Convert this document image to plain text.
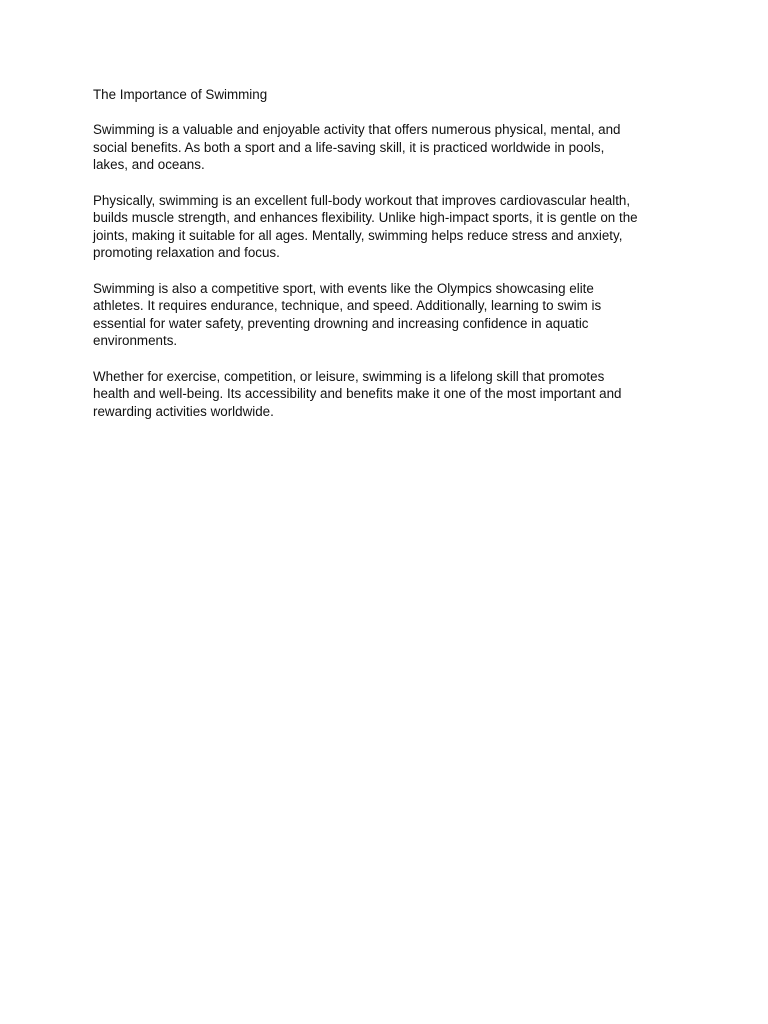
The Importance of Swimming
Swimming is a valuable and enjoyable activity that offers numerous physical, mental, and
social benefits. As both a sport and a life-saving skill, it is practiced worldwide in pools,
lakes, and oceans.
Physically, swimming is an excellent full-body workout that improves cardiovascular health,
builds muscle strength, and enhances flexibility. Unlike high-impact sports, it is gentle on the
joints, making it suitable for all ages. Mentally, swimming helps reduce stress and anxiety,
promoting relaxation and focus.
Swimming is also a competitive sport, with events like the Olympics showcasing elite
athletes. It requires endurance, technique, and speed. Additionally, learning to swim is
essential for water safety, preventing drowning and increasing confidence in aquatic
environments.
Whether for exercise, competition, or leisure, swimming is a lifelong skill that promotes
health and well-being. Its accessibility and benefits make it one of the most important and
rewarding activities worldwide.
